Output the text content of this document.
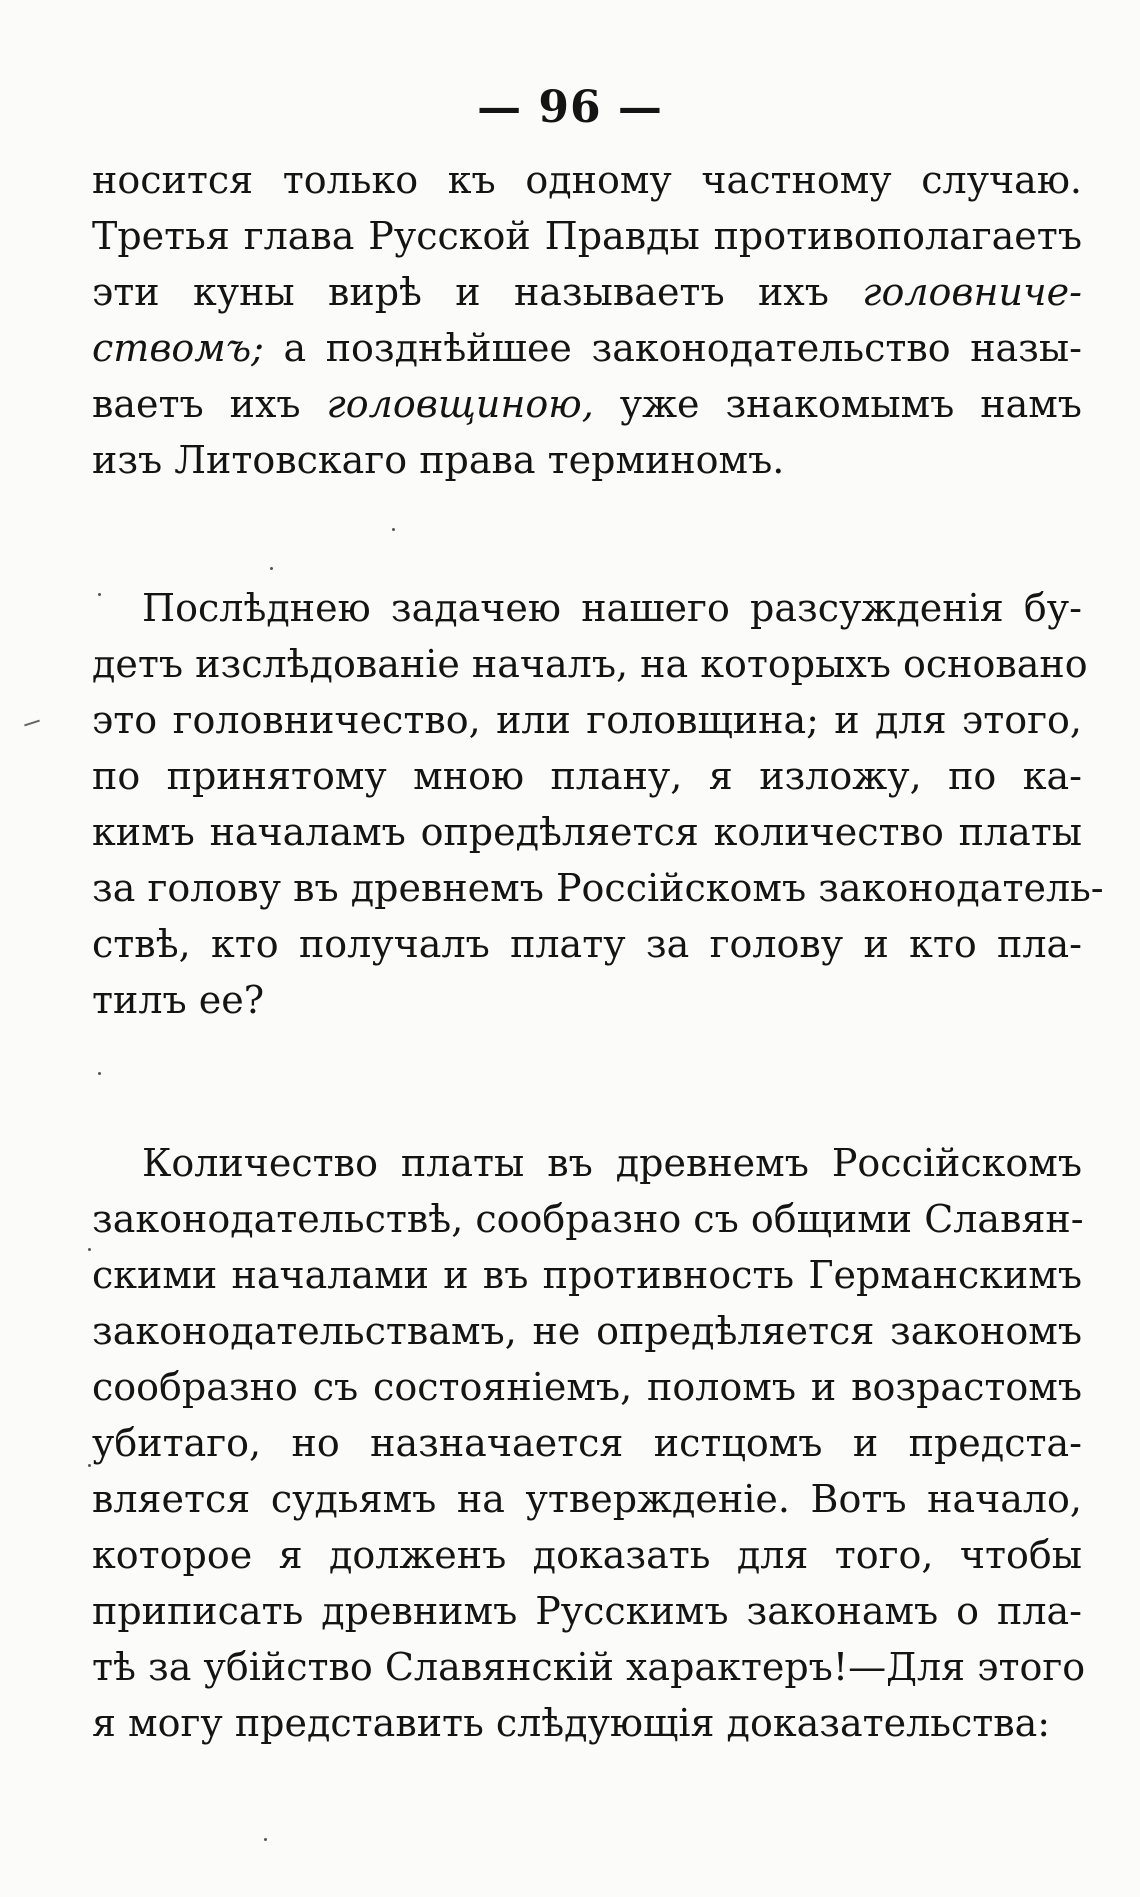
— 96 —
носится только къ одному частному случаю.
Третья глава Русской Правды противополагаетъ
эти куны вирѣ и называетъ ихъ головниче-
ствомъ; а позднѣйшее законодательство назы-
ваетъ ихъ головщиною, уже знакомымъ намъ
изъ Литовскаго права терминомъ.
Послѣднею задачею нашего разсужденія бу-
детъ изслѣдованіе началъ, на которыхъ основано
это головничество, или головщина; и для этого,
по принятому мною плану, я изложу, по ка-
кимъ началамъ опредѣляется количество платы
за голову въ древнемъ Россійскомъ законодатель-
ствѣ, кто получалъ плату за голову и кто пла-
тилъ ее?
Количество платы въ древнемъ Россійскомъ
законодательствѣ, сообразно съ общими Славян-
скими началами и въ противность Германскимъ
законодательствамъ, не опредѣляется закономъ
сообразно съ состояніемъ, поломъ и возрастомъ
убитаго, но назначается истцомъ и предста-
вляется судьямъ на утвержденіе. Вотъ начало,
которое я долженъ доказать для того, чтобы
приписать древнимъ Русскимъ законамъ о пла-
тѣ за убійство Славянскій характеръ!—Для этого
я могу представить слѣдующія доказательства:
